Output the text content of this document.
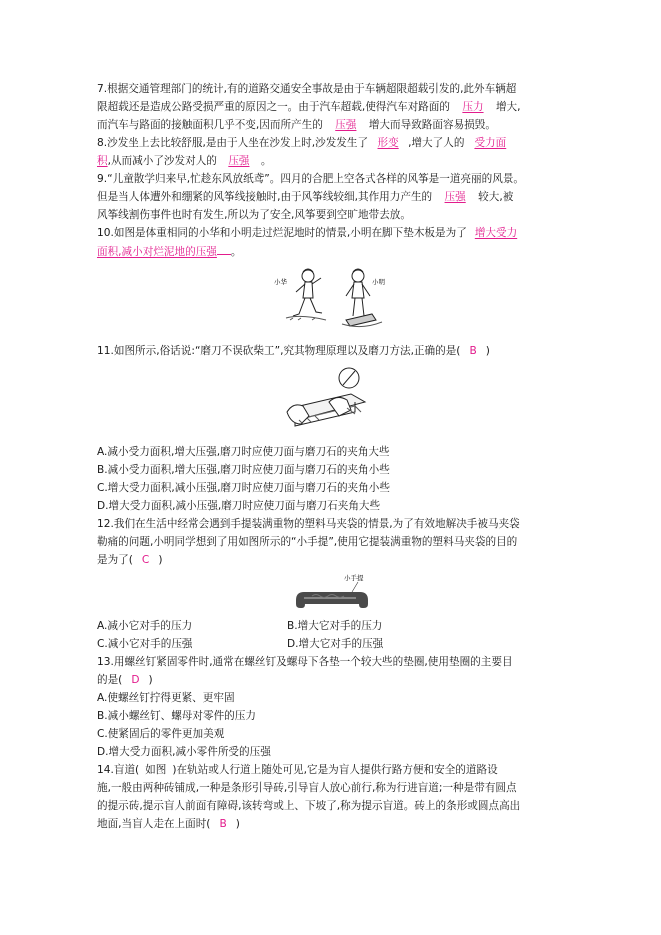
7.根据交通管理部门的统计,有的道路交通安全事故是由于车辆超限超载引发的,此外车辆超
限超载还是造成公路受损严重的原因之一。由于汽车超载,使得汽车对路面的 压力 增大,
而汽车与路面的接触面积几乎不变,因而所产生的 压强 增大而导致路面容易损毁。
8.沙发坐上去比较舒服,是由于人坐在沙发上时,沙发发生了 形变 ,增大了人的 受力面
积,从而减小了沙发对人的 压强 。
9.“儿童散学归来早,忙趁东风放纸鸢”。四月的合肥上空各式各样的风筝是一道亮丽的风景。
但是当人体遭外和绷紧的风筝线接触时,由于风筝线较细,其作用力产生的 压强 较大,被
风筝线割伤事件也时有发生,所以为了安全,风筝要到空旷地带去放。
10.如图是体重相同的小华和小明走过烂泥地时的情景,小明在脚下垫木板是为了 增大受力
面积,减小对烂泥地的压强 。
小华	小明
11.如图所示,俗话说:“磨刀不误砍柴工”,究其物理原理以及磨刀方法,正确的是( B )
A.减小受力面积,增大压强,磨刀时应使刀面与磨刀石的夹角大些
B.减小受力面积,增大压强,磨刀时应使刀面与磨刀石的夹角小些
C.增大受力面积,减小压强,磨刀时应使刀面与磨刀石的夹角小些
D.增大受力面积,减小压强,磨刀时应使刀面与磨刀石夹角大些
12.我们在生活中经常会遇到手提装满重物的塑料马夹袋的情景,为了有效地解决手被马夹袋
勒痛的问题,小明同学想到了用如图所示的“小手提”,使用它提装满重物的塑料马夹袋的目的
是为了( C )
小手提
A.减小它对手的压力	B.增大它对手的压力
C.减小它对手的压强	D.增大它对手的压强
13.用螺丝钉紧固零件时,通常在螺丝钉及螺母下各垫一个较大些的垫圈,使用垫圈的主要目
的是( D )
A.使螺丝钉拧得更紧、更牢固
B.减小螺丝钉、螺母对零件的压力
C.使紧固后的零件更加美观
D.增大受力面积,减小零件所受的压强
14.盲道( 如图 )在轨站或人行道上随处可见,它是为盲人提供行路方便和安全的道路设
施,一般由两种砖铺成,一种是条形引导砖,引导盲人放心前行,称为行进盲道;一种是带有圆点
的提示砖,提示盲人前面有障碍,该转弯或上、下坡了,称为提示盲道。砖上的条形或圆点高出
地面,当盲人走在上面时( B )
